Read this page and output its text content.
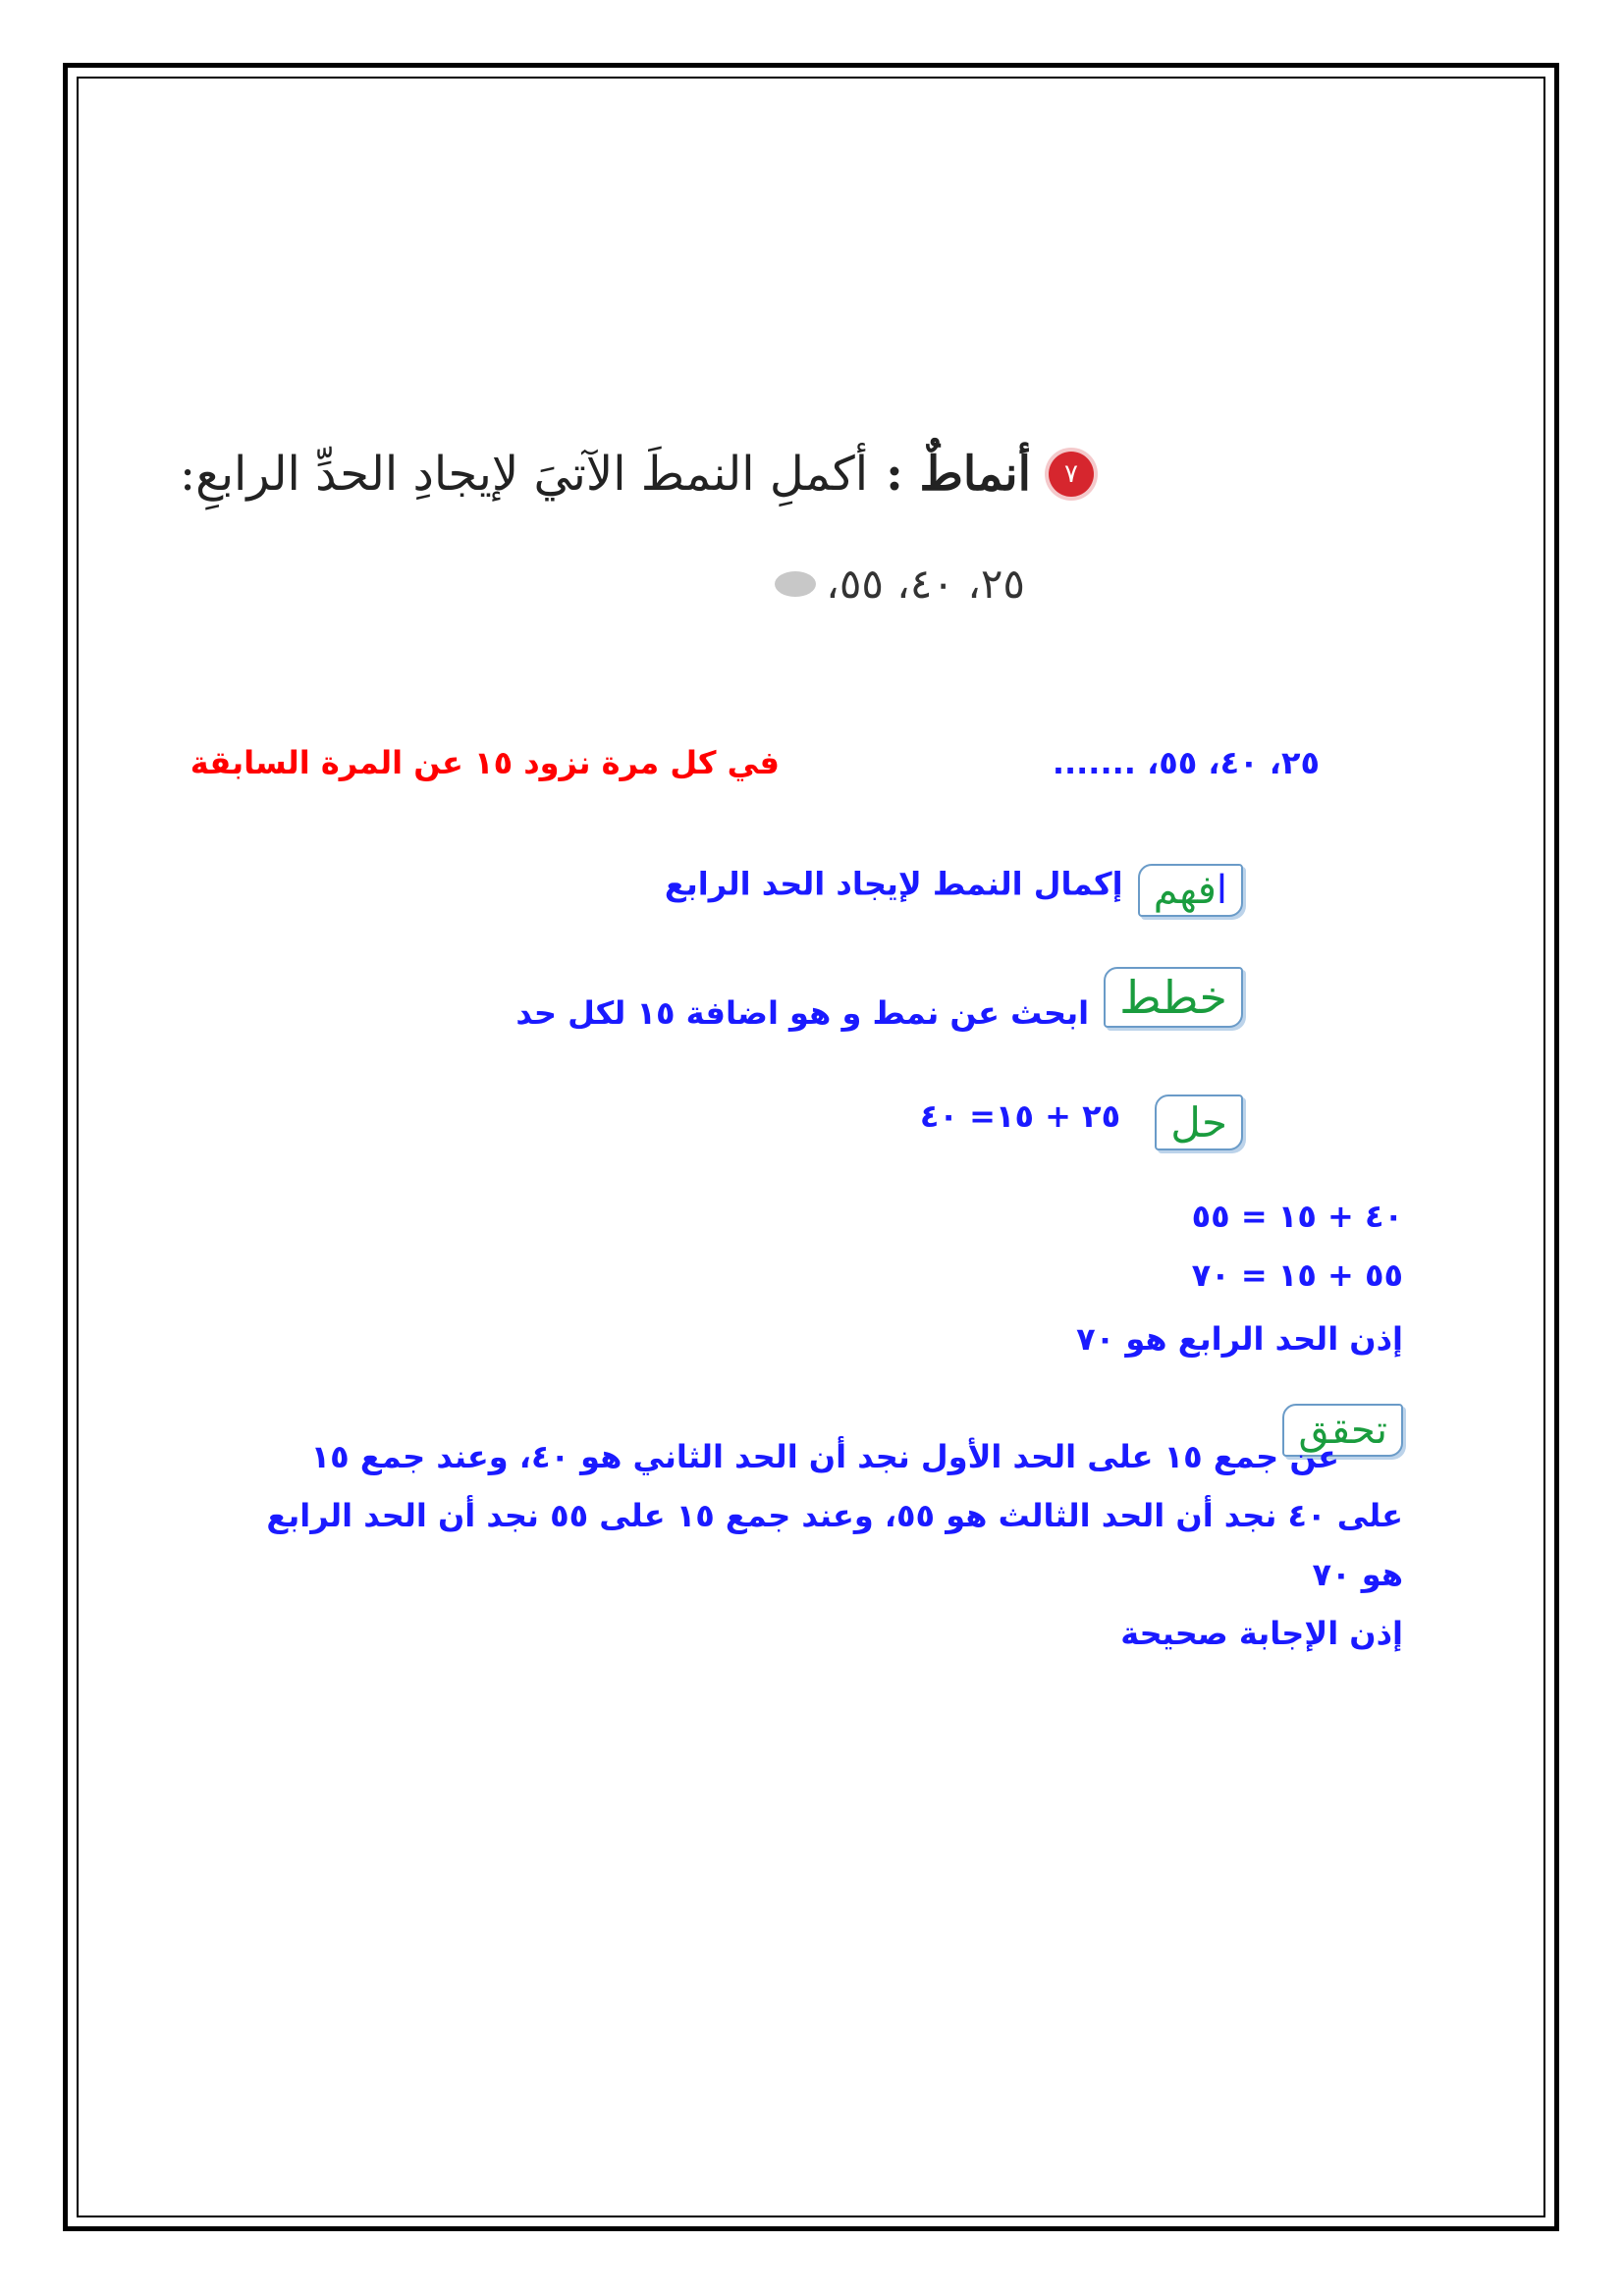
٧
أنماطٌ :
أكملِ النمطَ الآتيَ لإيجادِ الحدِّ الرابعِ:
٢٥، ٤٠، ٥٥،
٢٥، ٤٠، ٥٥، .......
في كل مرة نزود ١٥ عن المرة السابقة
ا
فهم
إكمال النمط لإيجاد الحد الرابع
خطط ابحث عن نمط و هو اضافة ١٥ لكل حد
حل ٢٥ + ١٥= ٤٠
٤٠ + ١٥ = ٥٥
٥٥ + ١٥ = ٧٠
إذن الحد الرابع هو ٧٠
تحقق
عن جمع ١٥ على الحد الأول نجد أن الحد الثاني هو ٤٠، وعند جمع ١٥
على ٤٠ نجد أن الحد الثالث هو ٥٥، وعند جمع ١٥ على ٥٥ نجد أن الحد الرابع
هو ٧٠
إذن الإجابة صحيحة
